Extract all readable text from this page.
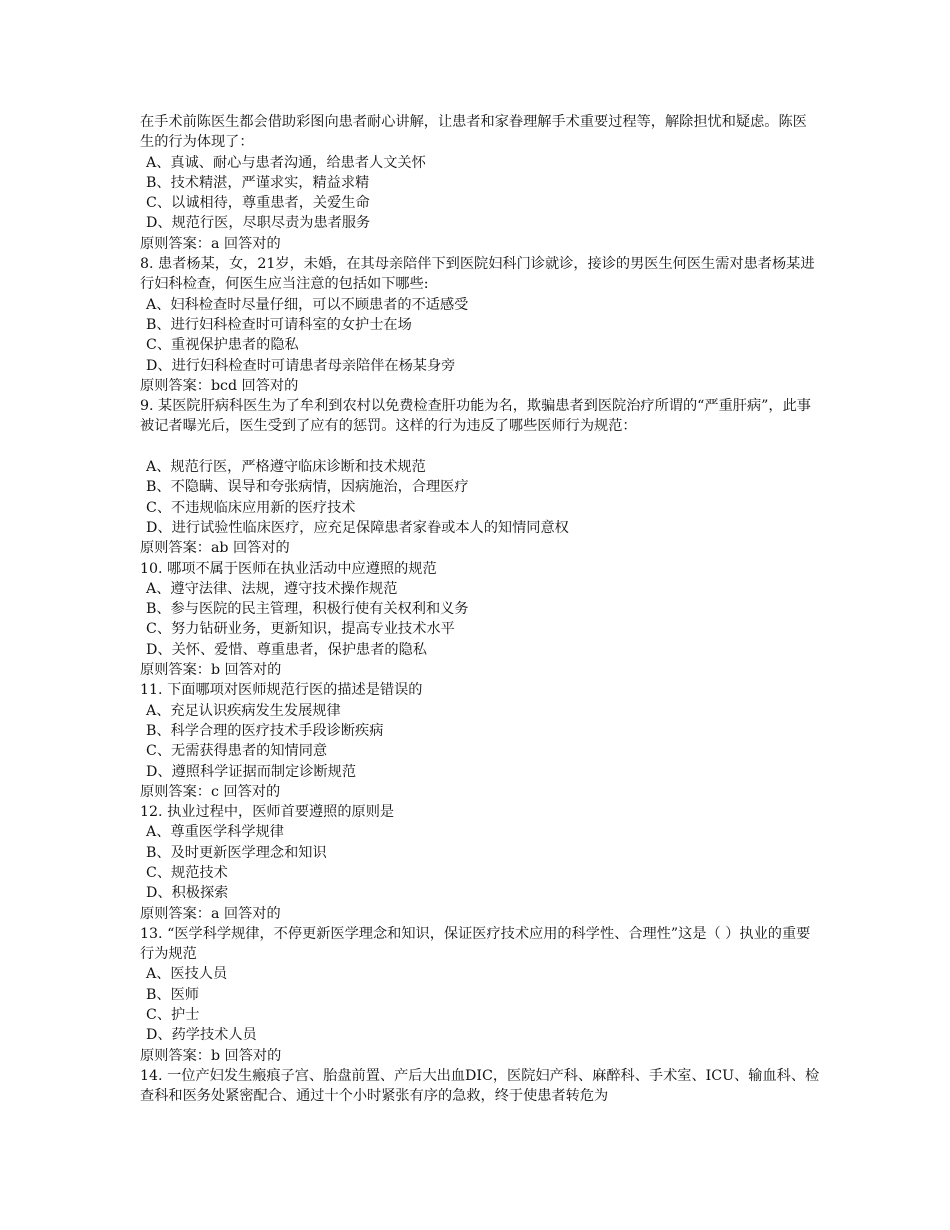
在手术前陈医生都会借助彩图向患者耐心讲解，让患者和家眷理解手术重要过程等，解除担忧和疑虑。陈医生的行为体现了：
A、真诚、耐心与患者沟通，给患者人文关怀
B、技术精湛，严谨求实，精益求精
C、以诚相待，尊重患者，关爱生命
D、规范行医，尽职尽责为患者服务
原则答案：a 回答对的
8. 患者杨某，女，21岁，未婚，在其母亲陪伴下到医院妇科门诊就诊，接诊的男医生何医生需对患者杨某进行妇科检查，何医生应当注意的包括如下哪些:
A、妇科检查时尽量仔细，可以不顾患者的不适感受
B、进行妇科检查时可请科室的女护士在场
C、重视保护患者的隐私
D、进行妇科检查时可请患者母亲陪伴在杨某身旁
原则答案：bcd 回答对的
9. 某医院肝病科医生为了牟利到农村以免费检查肝功能为名，欺骗患者到医院治疗所谓的“严重肝病”，此事被记者曝光后，医生受到了应有的惩罚。这样的行为违反了哪些医师行为规范：
A、规范行医，严格遵守临床诊断和技术规范
B、不隐瞒、误导和夸张病情，因病施治，合理医疗
C、不违规临床应用新的医疗技术
D、进行试验性临床医疗，应充足保障患者家眷或本人的知情同意权
原则答案：ab 回答对的
10. 哪项不属于医师在执业活动中应遵照的规范
A、遵守法律、法规，遵守技术操作规范
B、参与医院的民主管理，积极行使有关权利和义务
C、努力钻研业务，更新知识，提高专业技术水平
D、关怀、爱惜、尊重患者，保护患者的隐私
原则答案：b 回答对的
11. 下面哪项对医师规范行医的描述是错误的
A、充足认识疾病发生发展规律
B、科学合理的医疗技术手段诊断疾病
C、无需获得患者的知情同意
D、遵照科学证据而制定诊断规范
原则答案：c 回答对的
12. 执业过程中，医师首要遵照的原则是
A、尊重医学科学规律
B、及时更新医学理念和知识
C、规范技术
D、积极探索
原则答案：a 回答对的
13. “医学科学规律，不停更新医学理念和知识，保证医疗技术应用的科学性、合理性”这是（ ）执业的重要行为规范
A、医技人员
B、医师
C、护士
D、药学技术人员
原则答案：b 回答对的
14. 一位产妇发生瘢痕子宫、胎盘前置、产后大出血DIC，医院妇产科、麻醉科、手术室、ICU、输血科、检查科和医务处紧密配合、通过十个小时紧张有序的急救，终于使患者转危为
